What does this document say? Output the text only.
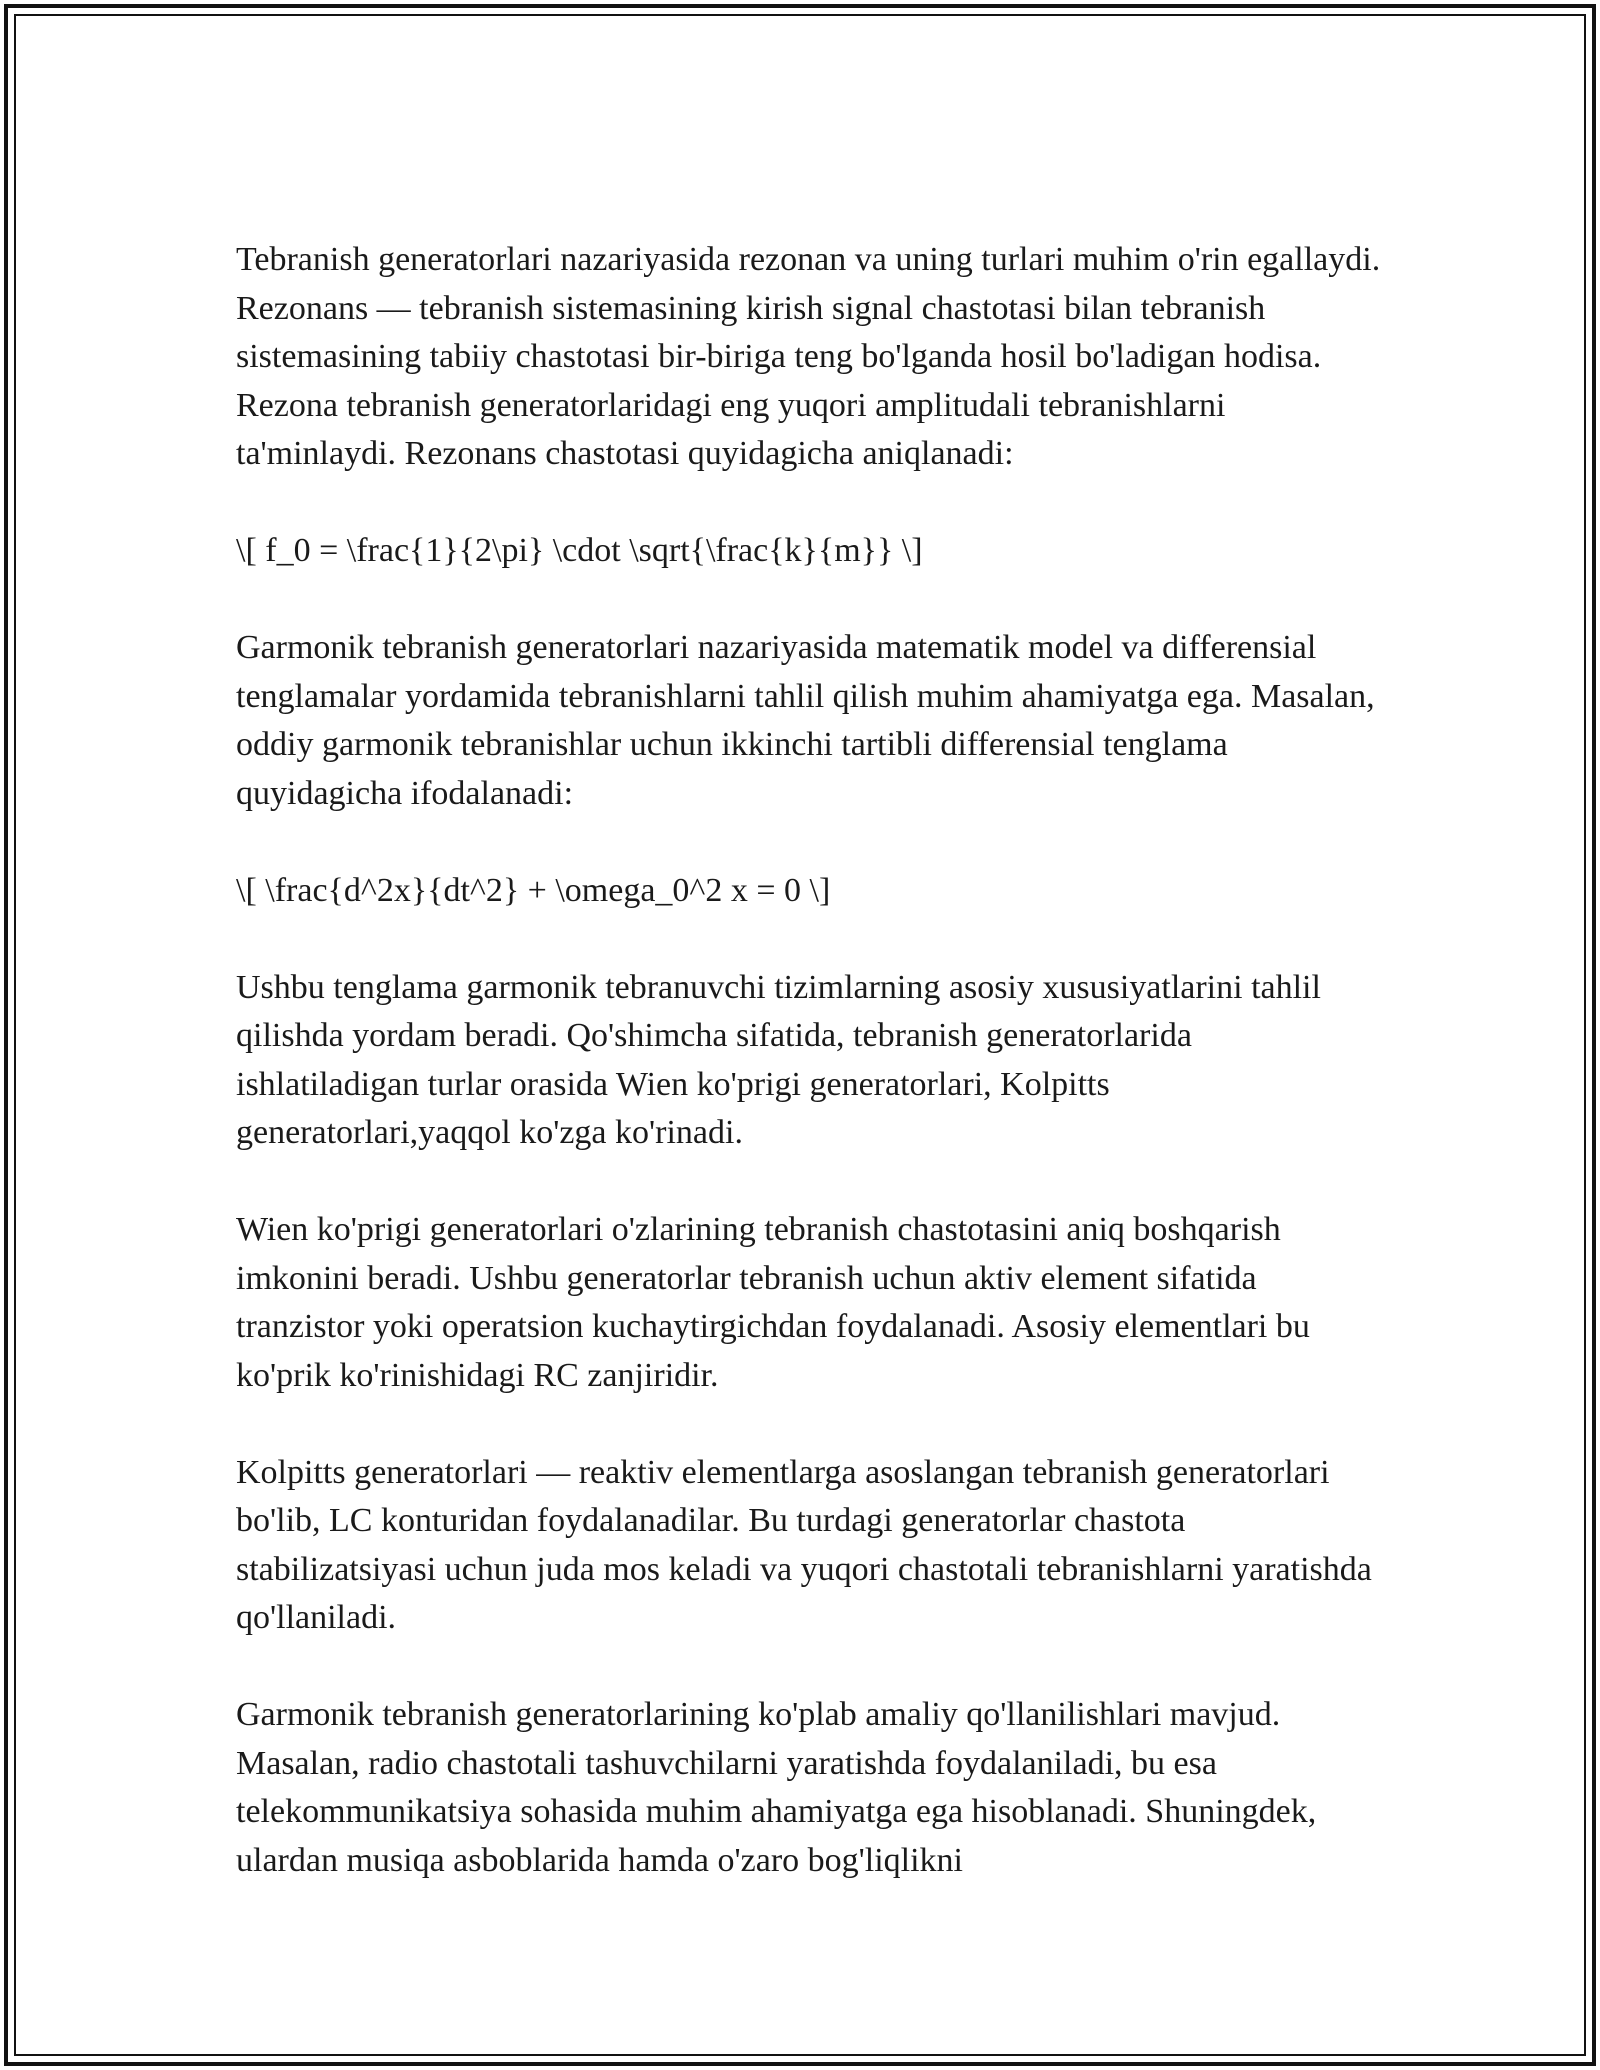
Tebranish generatorlari nazariyasida rezonan va uning turlari muhim o'rin egallaydi. Rezonans — tebranish sistemasining kirish signal chastotasi bilan tebranish sistemasining tabiiy chastotasi bir-biriga teng bo'lganda hosil bo'ladigan hodisa. Rezona tebranish generatorlaridagi eng yuqori amplitudali tebranishlarni ta'minlaydi. Rezonans chastotasi quyidagicha aniqlanadi:

\[ f_0 = \frac{1}{2\pi} \cdot \sqrt{\frac{k}{m}} \]

Garmonik tebranish generatorlari nazariyasida matematik model va differensial tenglamalar yordamida tebranishlarni tahlil qilish muhim ahamiyatga ega. Masalan, oddiy garmonik tebranishlar uchun ikkinchi tartibli differensial tenglama quyidagicha ifodalanadi:

\[ \frac{d^2x}{dt^2} + \omega_0^2 x = 0 \]

Ushbu tenglama garmonik tebranuvchi tizimlarning asosiy xususiyatlarini tahlil qilishda yordam beradi. Qo'shimcha sifatida, tebranish generatorlarida ishlatiladigan turlar orasida Wien ko'prigi generatorlari, Kolpitts generatorlari,yaqqol ko'zga ko'rinadi.

Wien ko'prigi generatorlari o'zlarining tebranish chastotasini aniq boshqarish imkonini beradi. Ushbu generatorlar tebranish uchun aktiv element sifatida tranzistor yoki operatsion kuchaytirgichdan foydalanadi. Asosiy elementlari bu ko'prik ko'rinishidagi RC zanjiridir.

Kolpitts generatorlari — reaktiv elementlarga asoslangan tebranish generatorlari bo'lib, LC konturidan foydalanadilar. Bu turdagi generatorlar chastota stabilizatsiyasi uchun juda mos keladi va yuqori chastotali tebranishlarni yaratishda qo'llaniladi.

Garmonik tebranish generatorlarining ko'plab amaliy qo'llanilishlari mavjud. Masalan, radio chastotali tashuvchilarni yaratishda foydalaniladi, bu esa telekommunikatsiya sohasida muhim ahamiyatga ega hisoblanadi. Shuningdek, ulardan musiqa asboblarida hamda o'zaro bog'liqlikni
